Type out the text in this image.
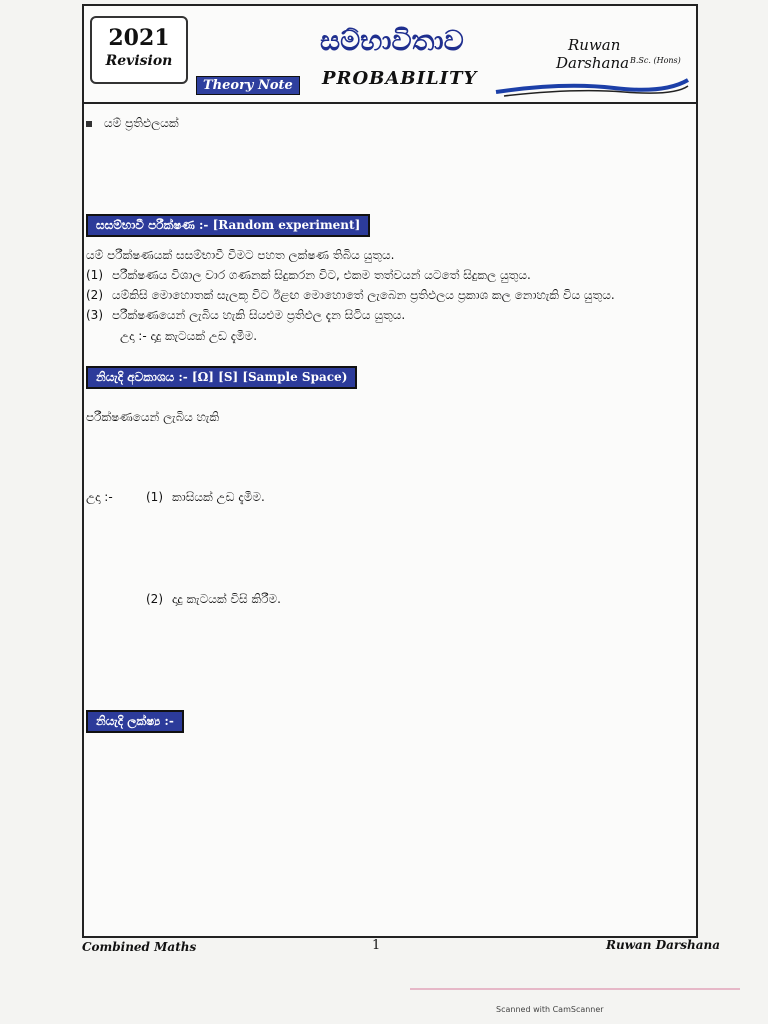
2021
Revision
Theory Note
සම්භාවිතාව
PROBABILITY
Ruwan
Darshana B.Sc. (Hons)
යම් ප්‍රතිඵලයක්
සසම්භාවී පරීක්ෂණ :- [Random experiment]
යම් පරීක්ෂණයක් සසම්භාවී වීමට පහත ලක්ෂණ තිබිය යුතුය.
(1) පරීක්ෂණය විශාල වාර ගණනක් සිදුකරන විට, එකම තත්වයන් යටතේ සිදුකල යුතුය.
(2) යම්කිසි මොහොතක් සැලකූ විට ඊළඟ මොහොතේ ලැබෙන ප්‍රතිඵලය ප්‍රකාශ කල නොහැකි විය යුතුය.
(3) පරීක්ෂණයෙන් ලැබිය හැකි සියළුම ප්‍රතිඵල දැන සිටිය යුතුය.
උදා :- දාදු කැටයක් උඩ දැමීම.
නියැදි අවකාශය :- [Ω] [S] [Sample Space)
පරීක්ෂණයෙන් ලැබිය හැකි
උදා :-	(1) කාසියක් උඩ දැමීම.
(2) දාදු කැටයක් විසි කිරීම.
නියැදි ලක්ෂ්‍ය :-
Combined Maths	1	Ruwan Darshana
Scanned with CamScanner
